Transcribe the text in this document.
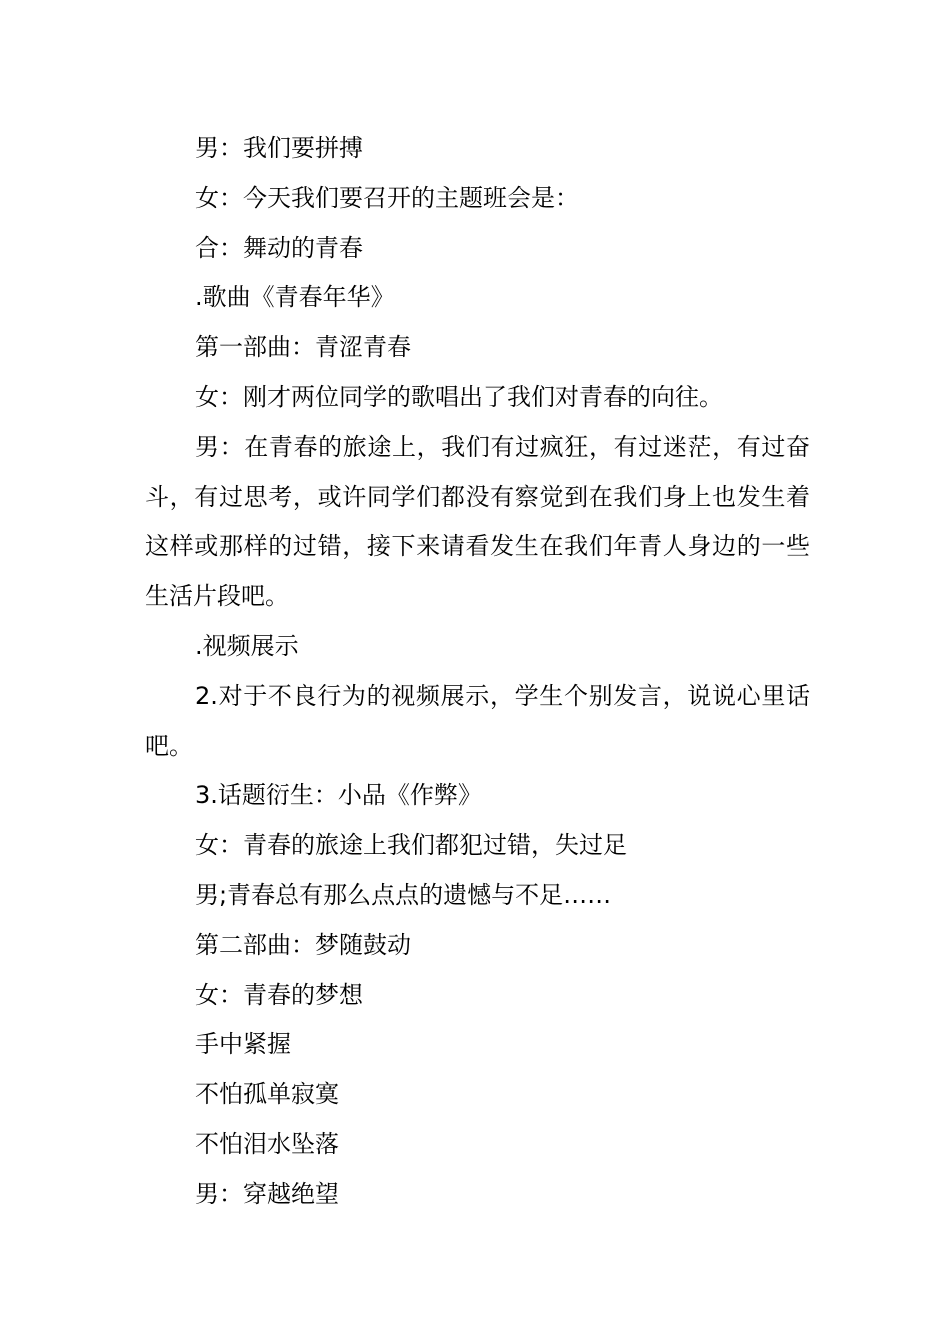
男：我们要拼搏

女：今天我们要召开的主题班会是：

合：舞动的青春

.歌曲《青春年华》

第一部曲：青涩青春

女：刚才两位同学的歌唱出了我们对青春的向往。

男：在青春的旅途上，我们有过疯狂，有过迷茫，有过奋斗，有过思考，或许同学们都没有察觉到在我们身上也发生着这样或那样的过错，接下来请看发生在我们年青人身边的一些生活片段吧。

.视频展示

2.对于不良行为的视频展示，学生个别发言，说说心里话吧。

3.话题衍生：小品《作弊》

女：青春的旅途上我们都犯过错，失过足

男;青春总有那么点点的遗憾与不足……

第二部曲：梦随鼓动

女：青春的梦想

手中紧握

不怕孤单寂寞

不怕泪水坠落

男：穿越绝望
